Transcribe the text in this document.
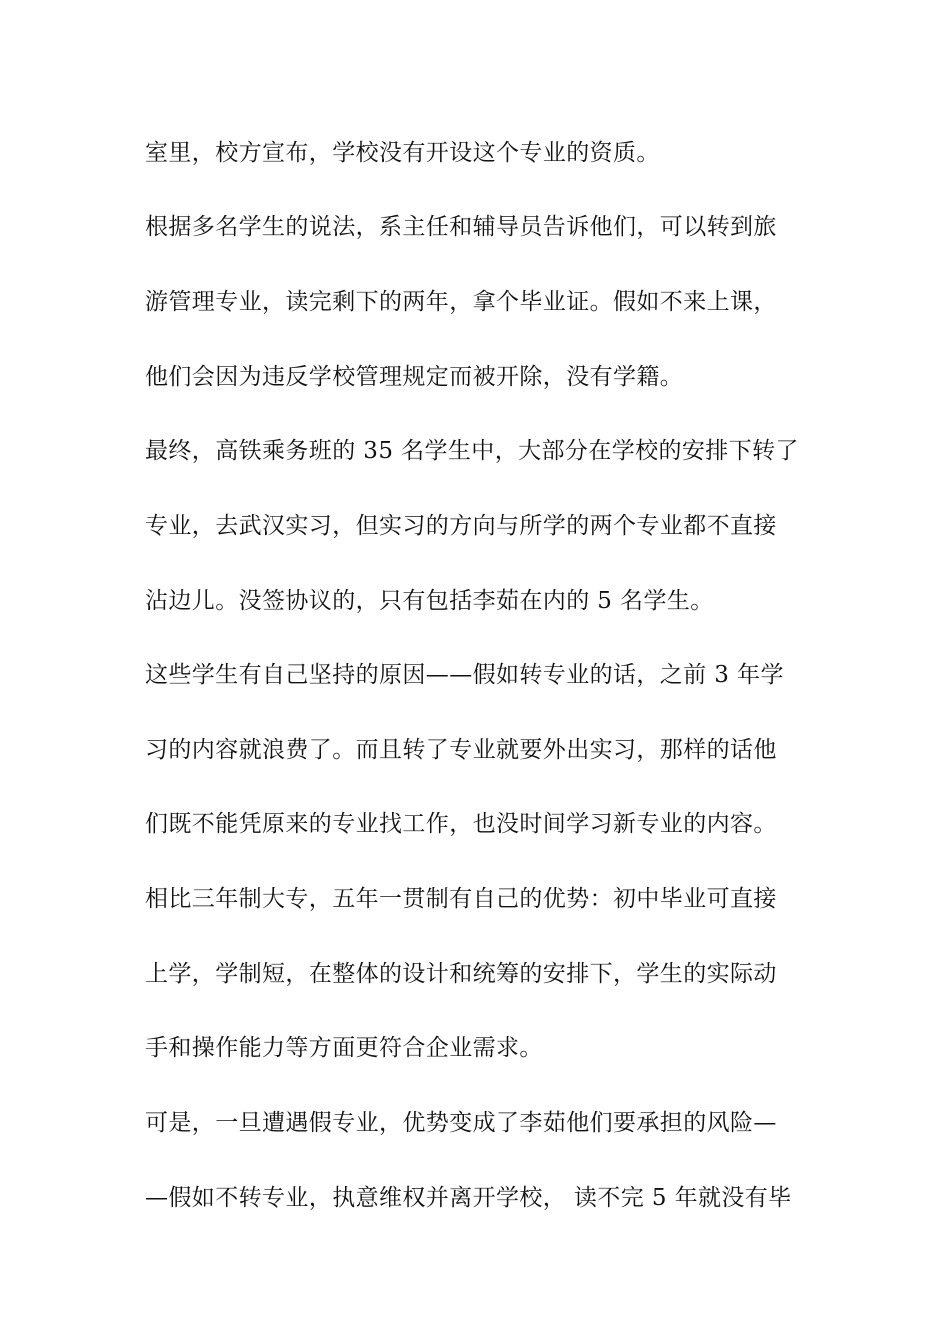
室里，校方宣布，学校没有开设这个专业的资质。
根据多名学生的说法，系主任和辅导员告诉他们，可以转到旅
游管理专业，读完剩下的两年，拿个毕业证。假如不来上课，
他们会因为违反学校管理规定而被开除，没有学籍。
最终，高铁乘务班的 35 名学生中，大部分在学校的安排下转了
专业，去武汉实习，但实习的方向与所学的两个专业都不直接
沾边儿。没签协议的，只有包括李茹在内的 5 名学生。
这些学生有自己坚持的原因——假如转专业的话，之前 3 年学
习的内容就浪费了。而且转了专业就要外出实习，那样的话他
们既不能凭原来的专业找工作，也没时间学习新专业的内容。
相比三年制大专，五年一贯制有自己的优势：初中毕业可直接
上学，学制短，在整体的设计和统筹的安排下，学生的实际动
手和操作能力等方面更符合企业需求。
可是，一旦遭遇假专业，优势变成了李茹他们要承担的风险—
—假如不转专业，执意维权并离开学校， 读不完 5 年就没有毕
